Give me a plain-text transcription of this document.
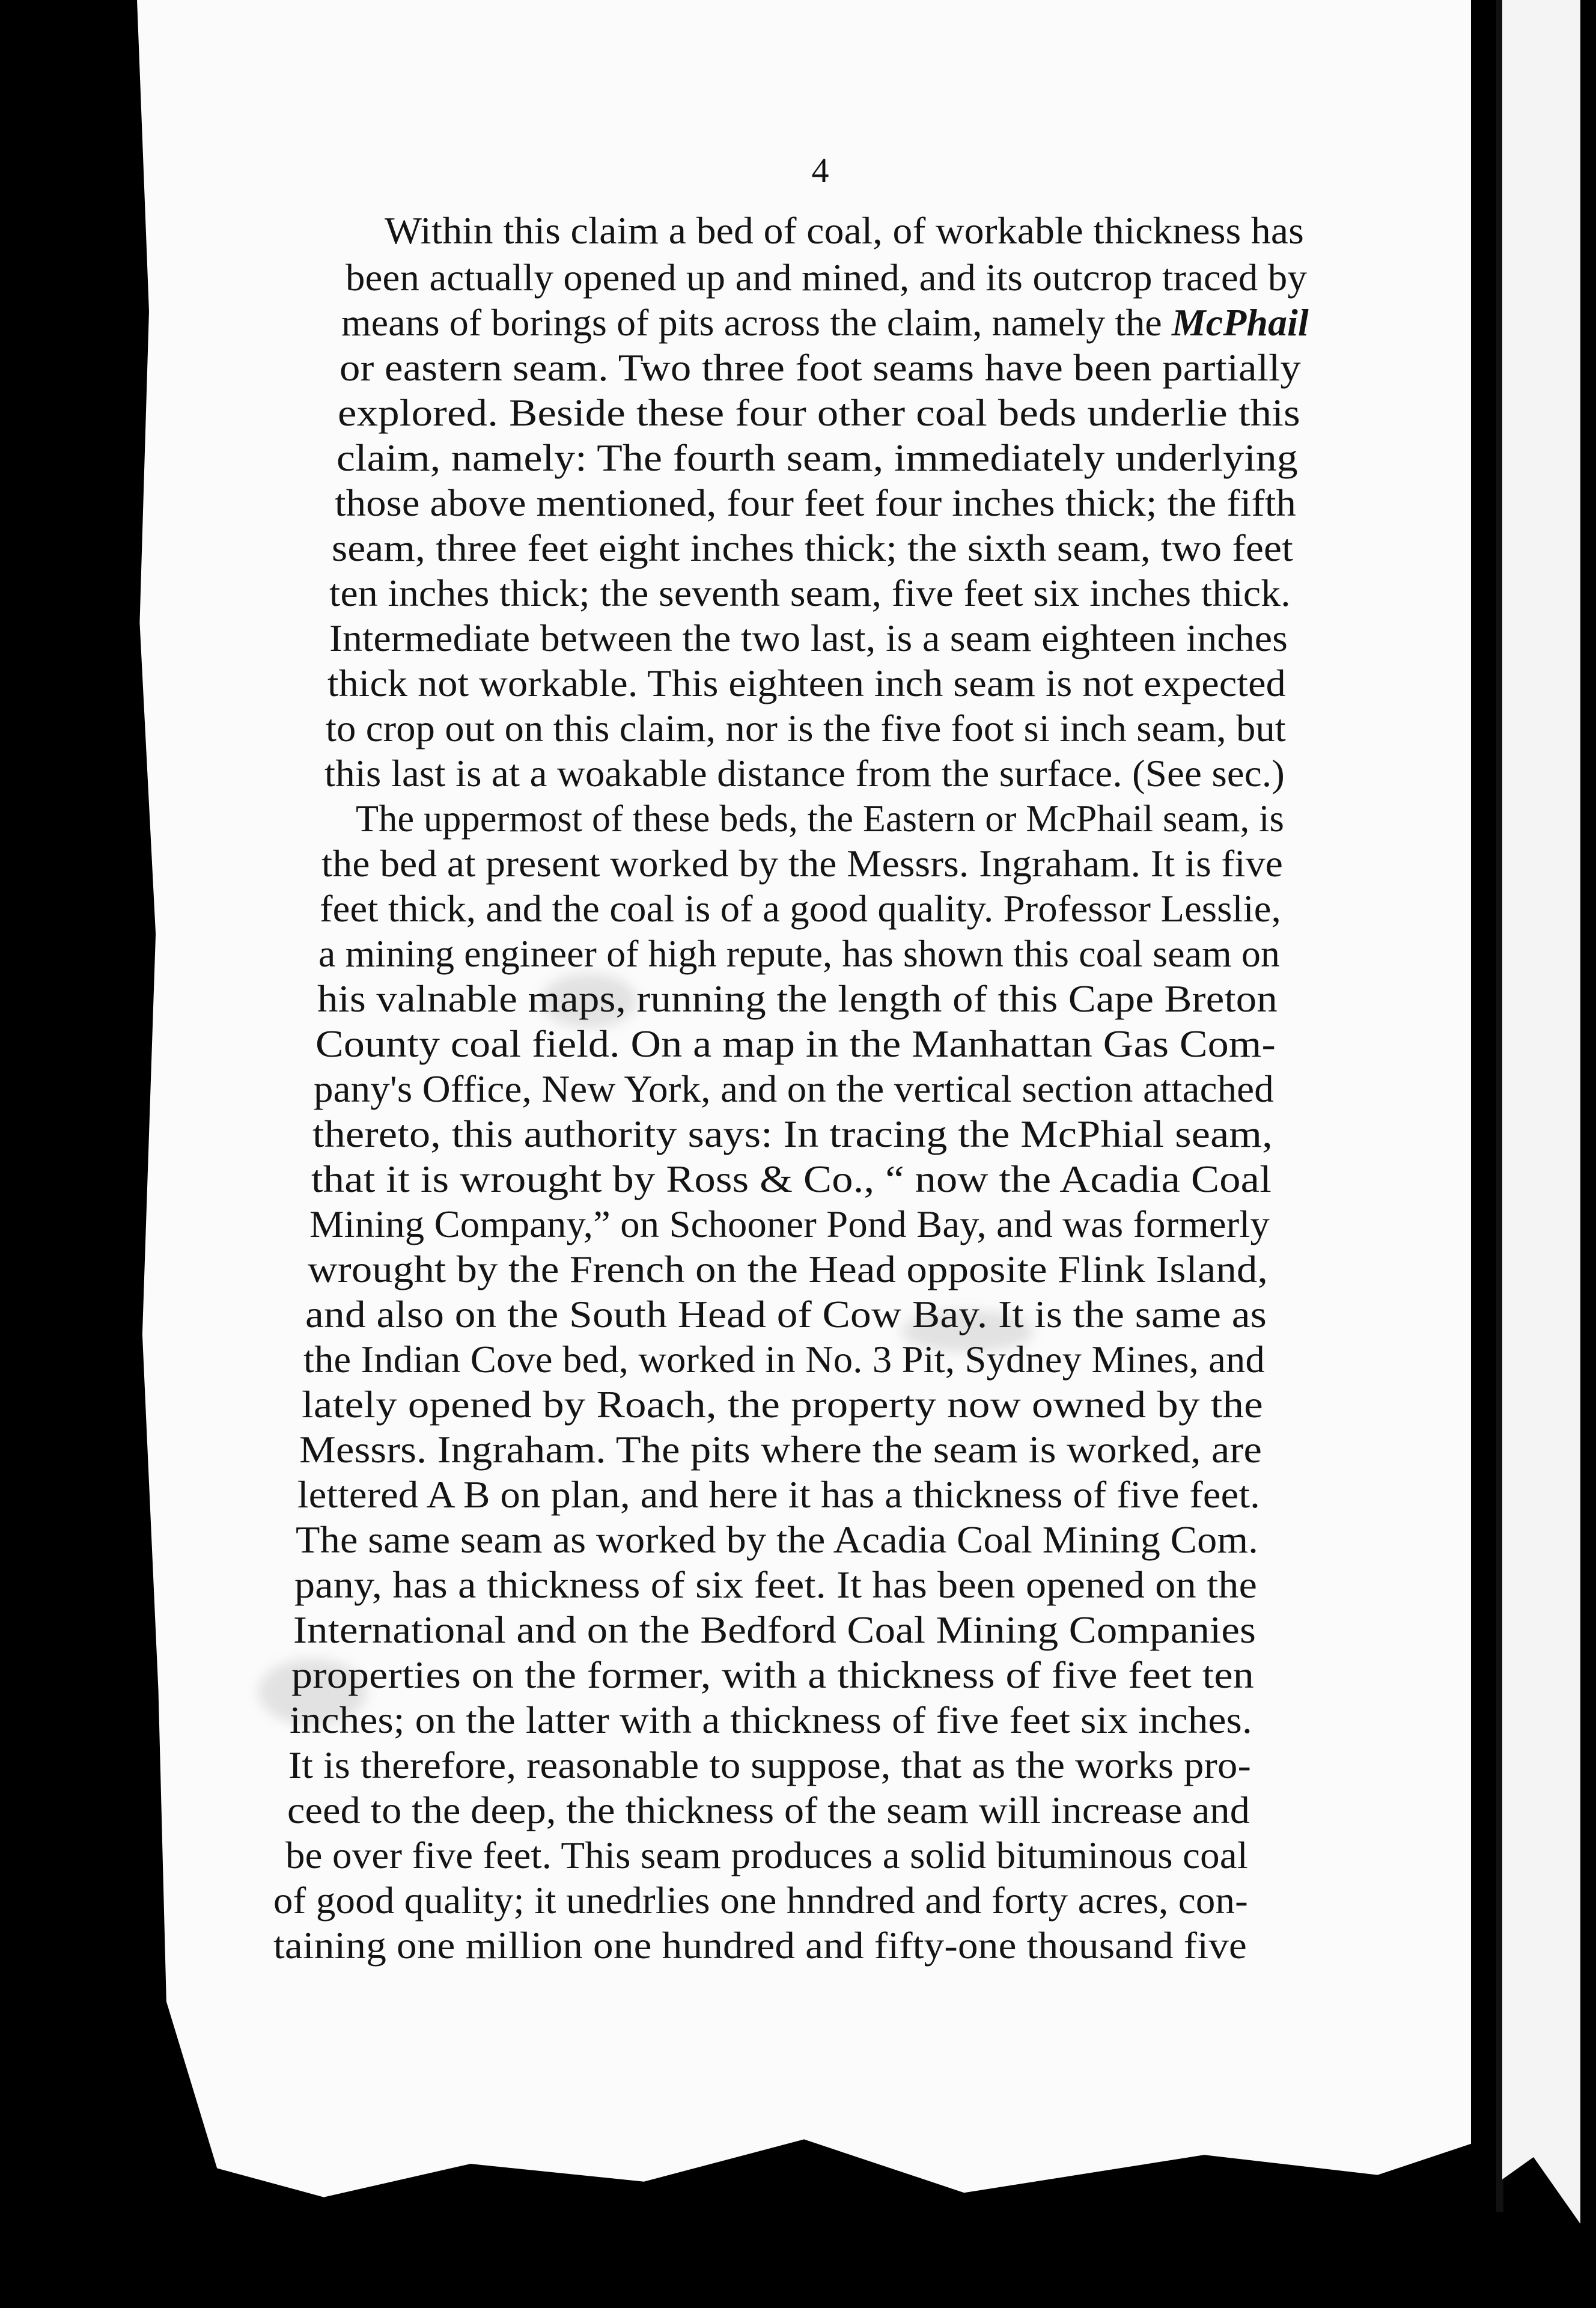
4
Within this claim a bed of coal, of workable thickness has
been actually opened up and mined, and its outcrop traced by
means of borings of pits across the claim, namely the McPhail
or eastern seam. Two three foot seams have been partially
explored. Beside these four other coal beds underlie this
claim, namely: The fourth seam, immediately underlying
those above mentioned, four feet four inches thick; the fifth
seam, three feet eight inches thick; the sixth seam, two feet
ten inches thick; the seventh seam, five feet six inches thick.
Intermediate between the two last, is a seam eighteen inches
thick not workable. This eighteen inch seam is not expected
to crop out on this claim, nor is the five foot si inch seam, but
this last is at a woakable distance from the surface. (See sec.)
The uppermost of these beds, the Eastern or McPhail seam, is
the bed at present worked by the Messrs. Ingraham. It is five
feet thick, and the coal is of a good quality. Professor Lesslie,
a mining engineer of high repute, has shown this coal seam on
his valnable maps, running the length of this Cape Breton
County coal field. On a map in the Manhattan Gas Com-
pany's Office, New York, and on the vertical section attached
thereto, this authority says: In tracing the McPhial seam,
that it is wrought by Ross & Co., “ now the Acadia Coal
Mining Company,” on Schooner Pond Bay, and was formerly
wrought by the French on the Head opposite Flink Island,
and also on the South Head of Cow Bay. It is the same as
the Indian Cove bed, worked in No. 3 Pit, Sydney Mines, and
lately opened by Roach, the property now owned by the
Messrs. Ingraham. The pits where the seam is worked, are
lettered A B on plan, and here it has a thickness of five feet.
The same seam as worked by the Acadia Coal Mining Com.
pany, has a thickness of six feet. It has been opened on the
International and on the Bedford Coal Mining Companies
properties on the former, with a thickness of five feet ten
inches; on the latter with a thickness of five feet six inches.
It is therefore, reasonable to suppose, that as the works pro-
ceed to the deep, the thickness of the seam will increase and
be over five feet. This seam produces a solid bituminous coal
of good quality; it unedrlies one hnndred and forty acres, con-
taining one million one hundred and fifty-one thousand five
